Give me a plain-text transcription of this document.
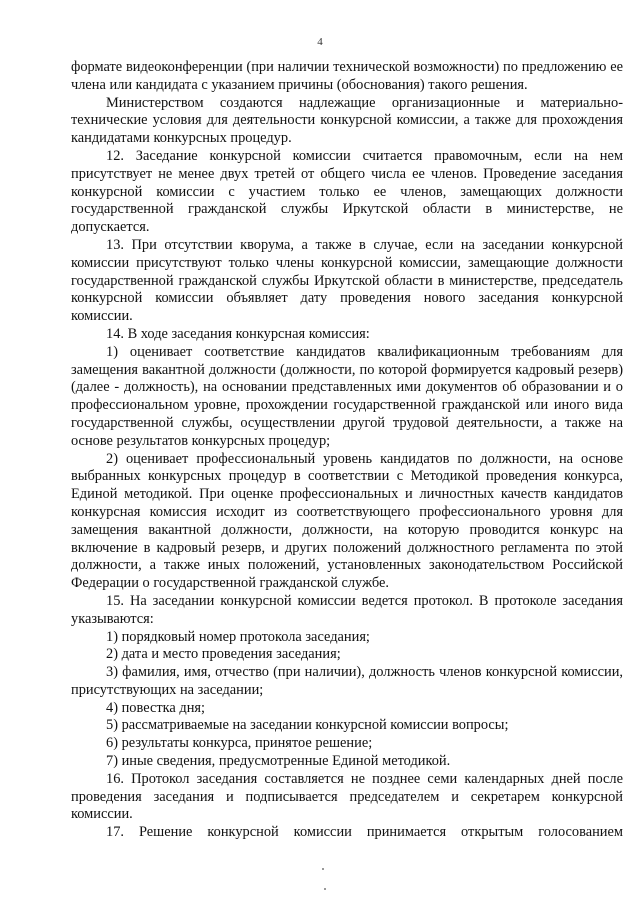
4

формате видеоконференции (при наличии технической возможности) по предложению ее члена или кандидата с указанием причины (обоснования) такого решения.

Министерством создаются надлежащие организационные и материально-технические условия для деятельности конкурсной комиссии, а также для прохождения кандидатами конкурсных процедур.

12. Заседание конкурсной комиссии считается правомочным, если на нем присутствует не менее двух третей от общего числа ее членов. Проведение заседания конкурсной комиссии с участием только ее членов, замещающих должности государственной гражданской службы Иркутской области в министерстве, не допускается.

13. При отсутствии кворума, а также в случае, если на заседании конкурсной комиссии присутствуют только члены конкурсной комиссии, замещающие должности государственной гражданской службы Иркутской области в министерстве, председатель конкурсной комиссии объявляет дату проведения нового заседания конкурсной комиссии.

14. В ходе заседания конкурсная комиссия:

1) оценивает соответствие кандидатов квалификационным требованиям для замещения вакантной должности (должности, по которой формируется кадровый резерв) (далее - должность), на основании представленных ими документов об образовании и о профессиональном уровне, прохождении государственной гражданской или иного вида государственной службы, осуществлении другой трудовой деятельности, а также на основе результатов конкурсных процедур;

2) оценивает профессиональный уровень кандидатов по должности, на основе выбранных конкурсных процедур в соответствии с Методикой проведения конкурса, Единой методикой. При оценке профессиональных и личностных качеств кандидатов конкурсная комиссия исходит из соответствующего профессионального уровня для замещения вакантной должности, должности, на которую проводится конкурс на включение в кадровый резерв, и других положений должностного регламента по этой должности, а также иных положений, установленных законодательством Российской Федерации о государственной гражданской службе.

15. На заседании конкурсной комиссии ведется протокол. В протоколе заседания указываются:

1) порядковый номер протокола заседания;

2) дата и место проведения заседания;

3) фамилия, имя, отчество (при наличии), должность членов конкурсной комиссии, присутствующих на заседании;

4) повестка дня;

5) рассматриваемые на заседании конкурсной комиссии вопросы;

6) результаты конкурса, принятое решение;

7) иные сведения, предусмотренные Единой методикой.

16. Протокол заседания составляется не позднее семи календарных дней после проведения заседания и подписывается председателем и секретарем конкурсной комиссии.

17. Решение конкурсной комиссии принимается открытым голосованием
